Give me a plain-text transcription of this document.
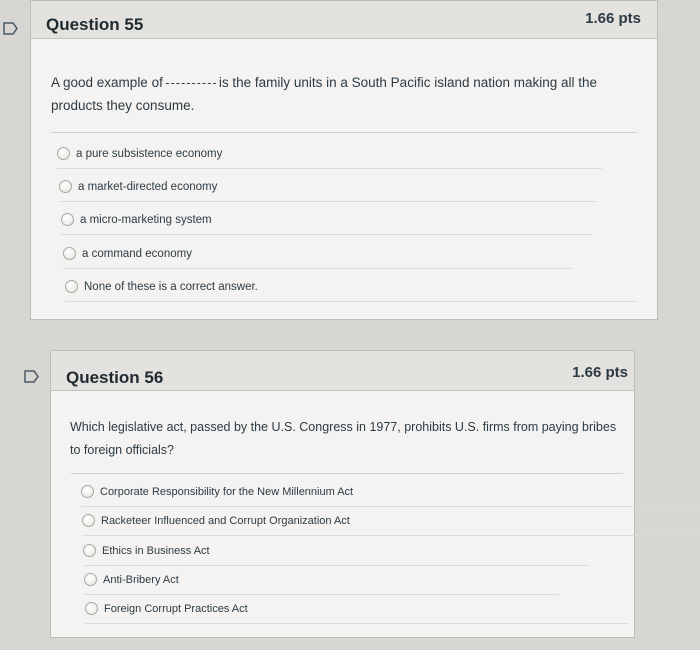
Question 55	1.66 pts
A good example of	is the family units in a South Pacific island nation making all the
products they consume.
a pure subsistence economy
a market-directed economy
a micro-marketing system
a command economy
None of these is a correct answer.
Question 56	1.66 pts
Which legislative act, passed by the U.S. Congress in 1977, prohibits U.S. firms from paying bribes
to foreign officials?
Corporate Responsibility for the New Millennium Act
Racketeer Influenced and Corrupt Organization Act
Ethics in Business Act
Anti-Bribery Act
Foreign Corrupt Practices Act
